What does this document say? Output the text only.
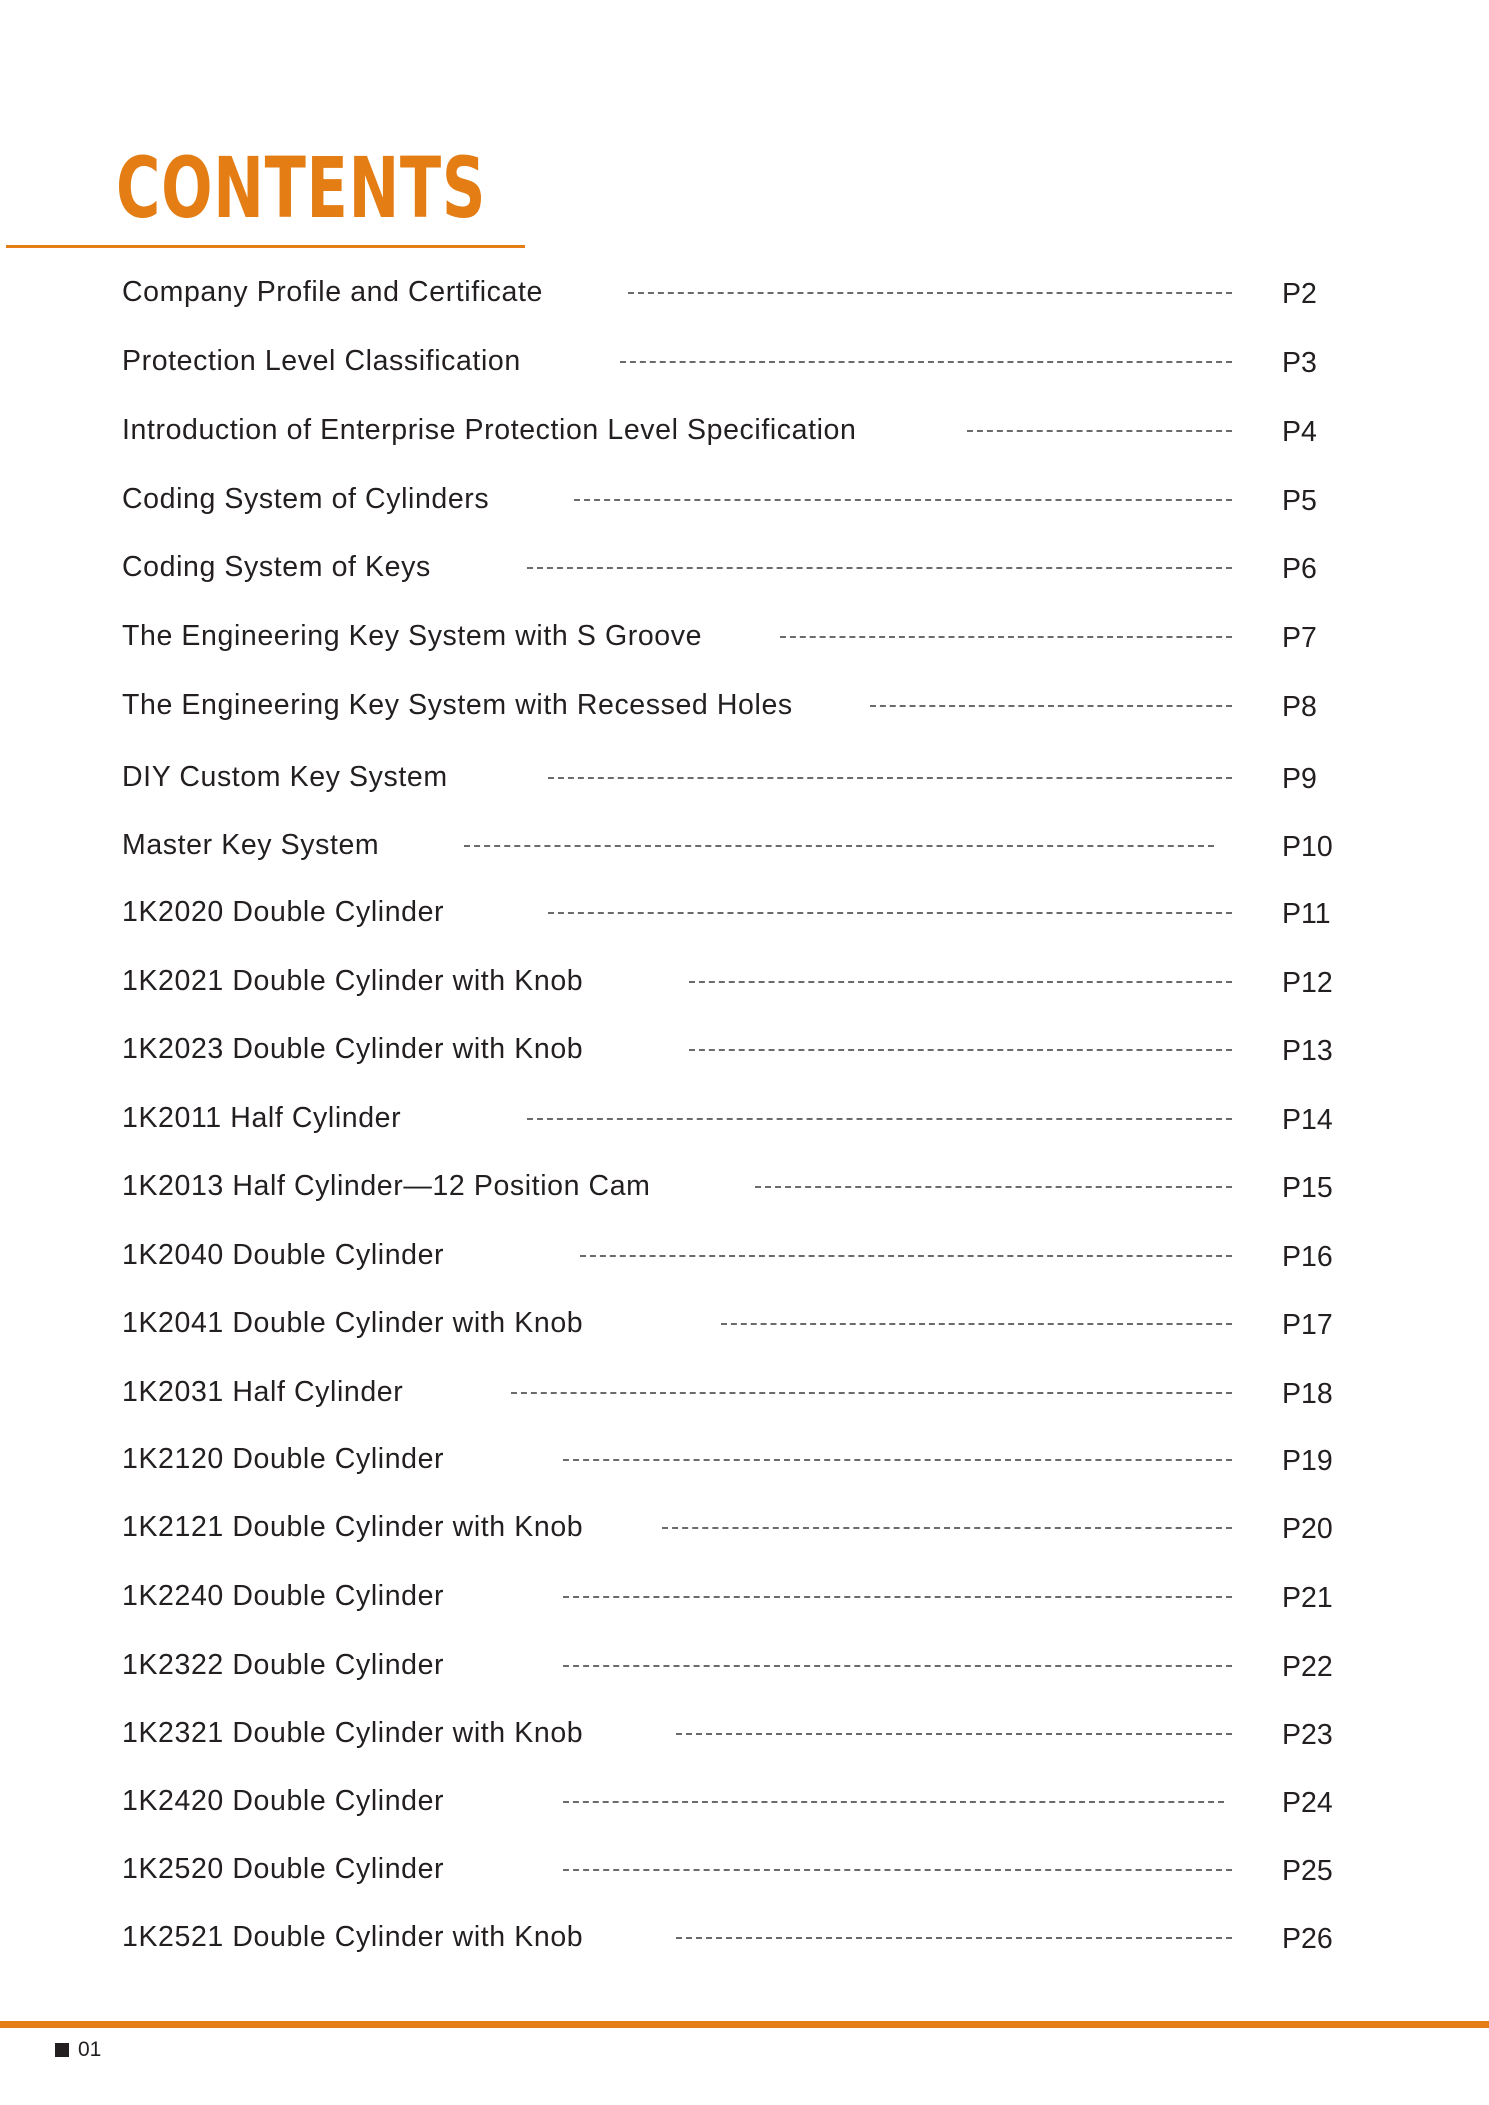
CONTENTS
Company Profile and Certificate	P2
Protection Level Classification	P3
Introduction of Enterprise Protection Level Specification	P4
Coding System of Cylinders	P5
Coding System of Keys	P6
The Engineering Key System with S Groove	P7
The Engineering Key System with Recessed Holes	P8
DIY Custom Key System	P9
Master Key System	P10
1K2020 Double Cylinder	P11
1K2021 Double Cylinder with Knob	P12
1K2023 Double Cylinder with Knob	P13
1K2011 Half Cylinder	P14
1K2013 Half Cylinder—12 Position Cam	P15
1K2040 Double Cylinder	P16
1K2041 Double Cylinder with Knob	P17
1K2031 Half Cylinder	P18
1K2120 Double Cylinder	P19
1K2121 Double Cylinder with Knob	P20
1K2240 Double Cylinder	P21
1K2322 Double Cylinder	P22
1K2321 Double Cylinder with Knob	P23
1K2420 Double Cylinder	P24
1K2520 Double Cylinder	P25
1K2521 Double Cylinder with Knob	P26
01
